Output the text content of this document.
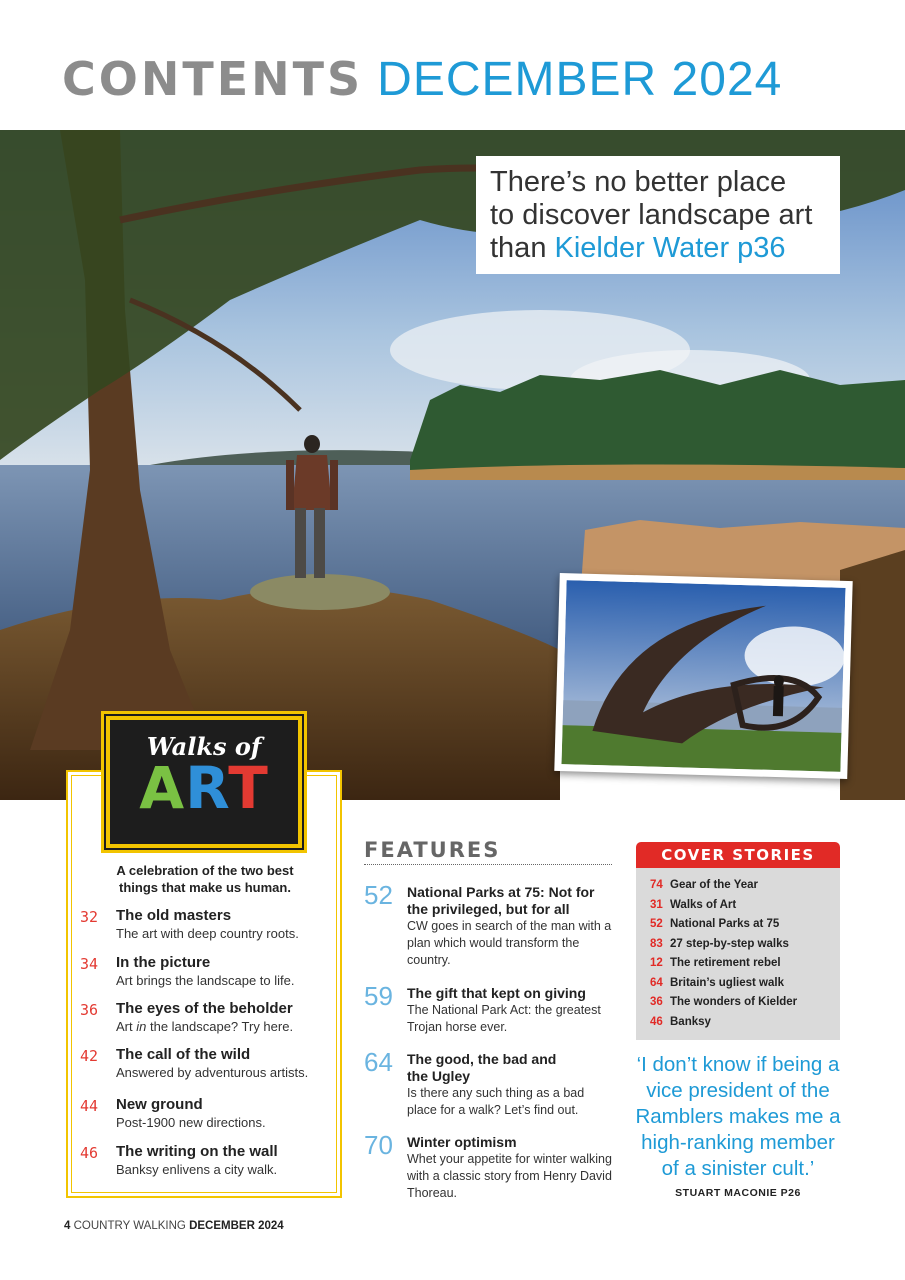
CONTENTS DECEMBER 2024

There’s no better place

to discover landscape art

than Kielder Water p36

Walks of
ART
A celebration of the two best things that make us human.
32 The old masters
The art with deep country roots.
34 In the picture
Art brings the landscape to life.
36 The eyes of the beholder
Art in the landscape? Try here.
42 The call of the wild
Answered by adventurous artists.
44 New ground
Post-1900 new directions.
46 The writing on the wall
Banksy enlivens a city walk.
FEATURES
52 National Parks at 75: Not for the privileged, but for all
CW goes in search of the man with a plan which would transform the country.
59 The gift that kept on giving
The National Park Act: the greatest Trojan horse ever.
64 The good, the bad and the Ugley
Is there any such thing as a bad place for a walk? Let’s find out.
70 Winter optimism
Whet your appetite for winter walking with a classic story from Henry David Thoreau.
COVER STORIES
74 Gear of the Year
31 Walks of Art
52 National Parks at 75
83 27 step-by-step walks
12 The retirement rebel
64 Britain’s ugliest walk
36 The wonders of Kielder
46 Banksy
‘I don’t know if being a vice president of the Ramblers makes me a high-ranking member of a sinister cult.’
STUART MACONIE P26
4 COUNTRY WALKING DECEMBER 2024
